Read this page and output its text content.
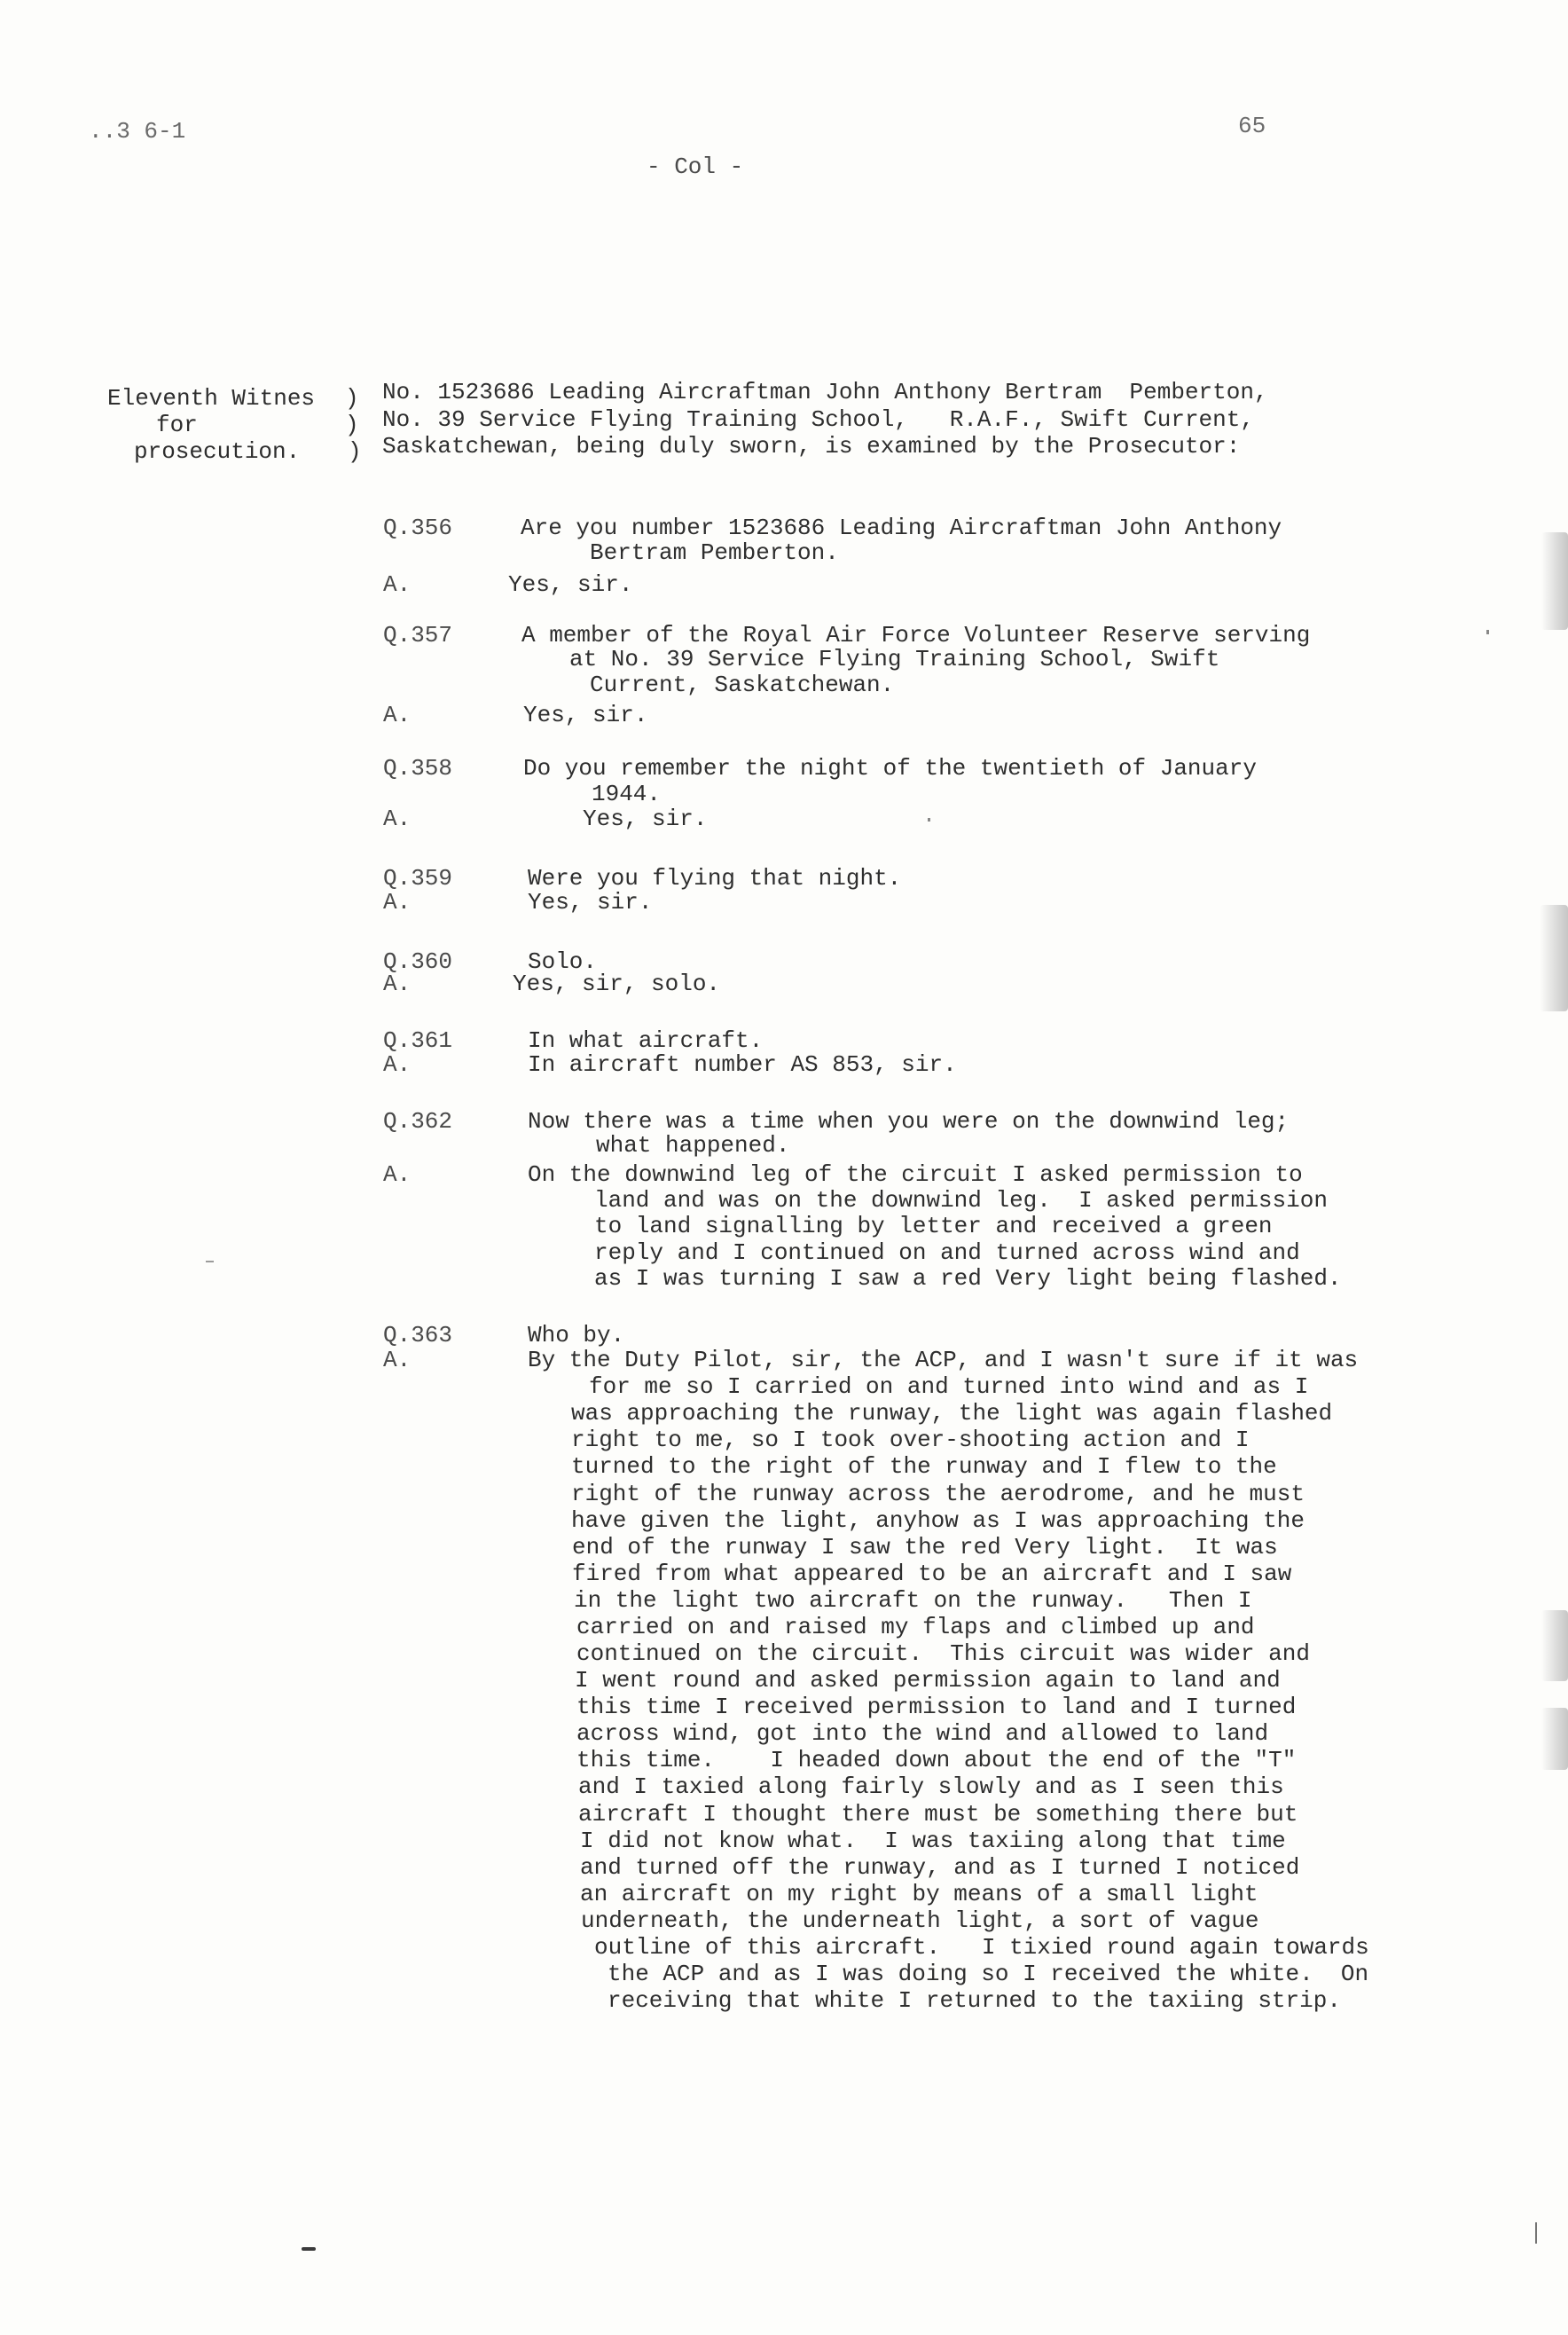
..3 6-1	65
- Col -
Eleventh Witnes
for
prosecution.
)
)
)
No. 1523686 Leading Aircraftman John Anthony Bertram  Pemberton,
No. 39 Service Flying Training School,   R.A.F., Swift Current,
Saskatchewan, being duly sworn, is examined by the Prosecutor:
Q.356	Are you number 1523686 Leading Aircraftman John Anthony
Bertram Pemberton.
A.	Yes, sir.
Q.357	A member of the Royal Air Force Volunteer Reserve serving
at No. 39 Service Flying Training School, Swift
Current, Saskatchewan.
A.	Yes, sir.
Q.358	Do you remember the night of the twentieth of January
1944.
A.	Yes, sir.
Q.359	Were you flying that night.
A.	Yes, sir.
Q.360	Solo.
A.	Yes, sir, solo.
Q.361	In what aircraft.
A.	In aircraft number AS 853, sir.
Q.362	Now there was a time when you were on the downwind leg;
what happened.
A.	On the downwind leg of the circuit I asked permission to
land and was on the downwind leg.  I asked permission
to land signalling by letter and received a green
reply and I continued on and turned across wind and
as I was turning I saw a red Very light being flashed.
Q.363	Who by.
A.	By the Duty Pilot, sir, the ACP, and I wasn't sure if it was
for me so I carried on and turned into wind and as I
was approaching the runway, the light was again flashed
right to me, so I took over-shooting action and I
turned to the right of the runway and I flew to the
right of the runway across the aerodrome, and he must
have given the light, anyhow as I was approaching the
end of the runway I saw the red Very light.  It was
fired from what appeared to be an aircraft and I saw
in the light two aircraft on the runway.   Then I
carried on and raised my flaps and climbed up and
continued on the circuit.  This circuit was wider and
I went round and asked permission again to land and
this time I received permission to land and I turned
across wind, got into the wind and allowed to land
this time.    I headed down about the end of the "T"
and I taxied along fairly slowly and as I seen this
aircraft I thought there must be something there but
I did not know what.  I was taxiing along that time
and turned off the runway, and as I turned I noticed
an aircraft on my right by means of a small light
underneath, the underneath light, a sort of vague
outline of this aircraft.   I tixied round again towards
the ACP and as I was doing so I received the white.  On
receiving that white I returned to the taxiing strip.
